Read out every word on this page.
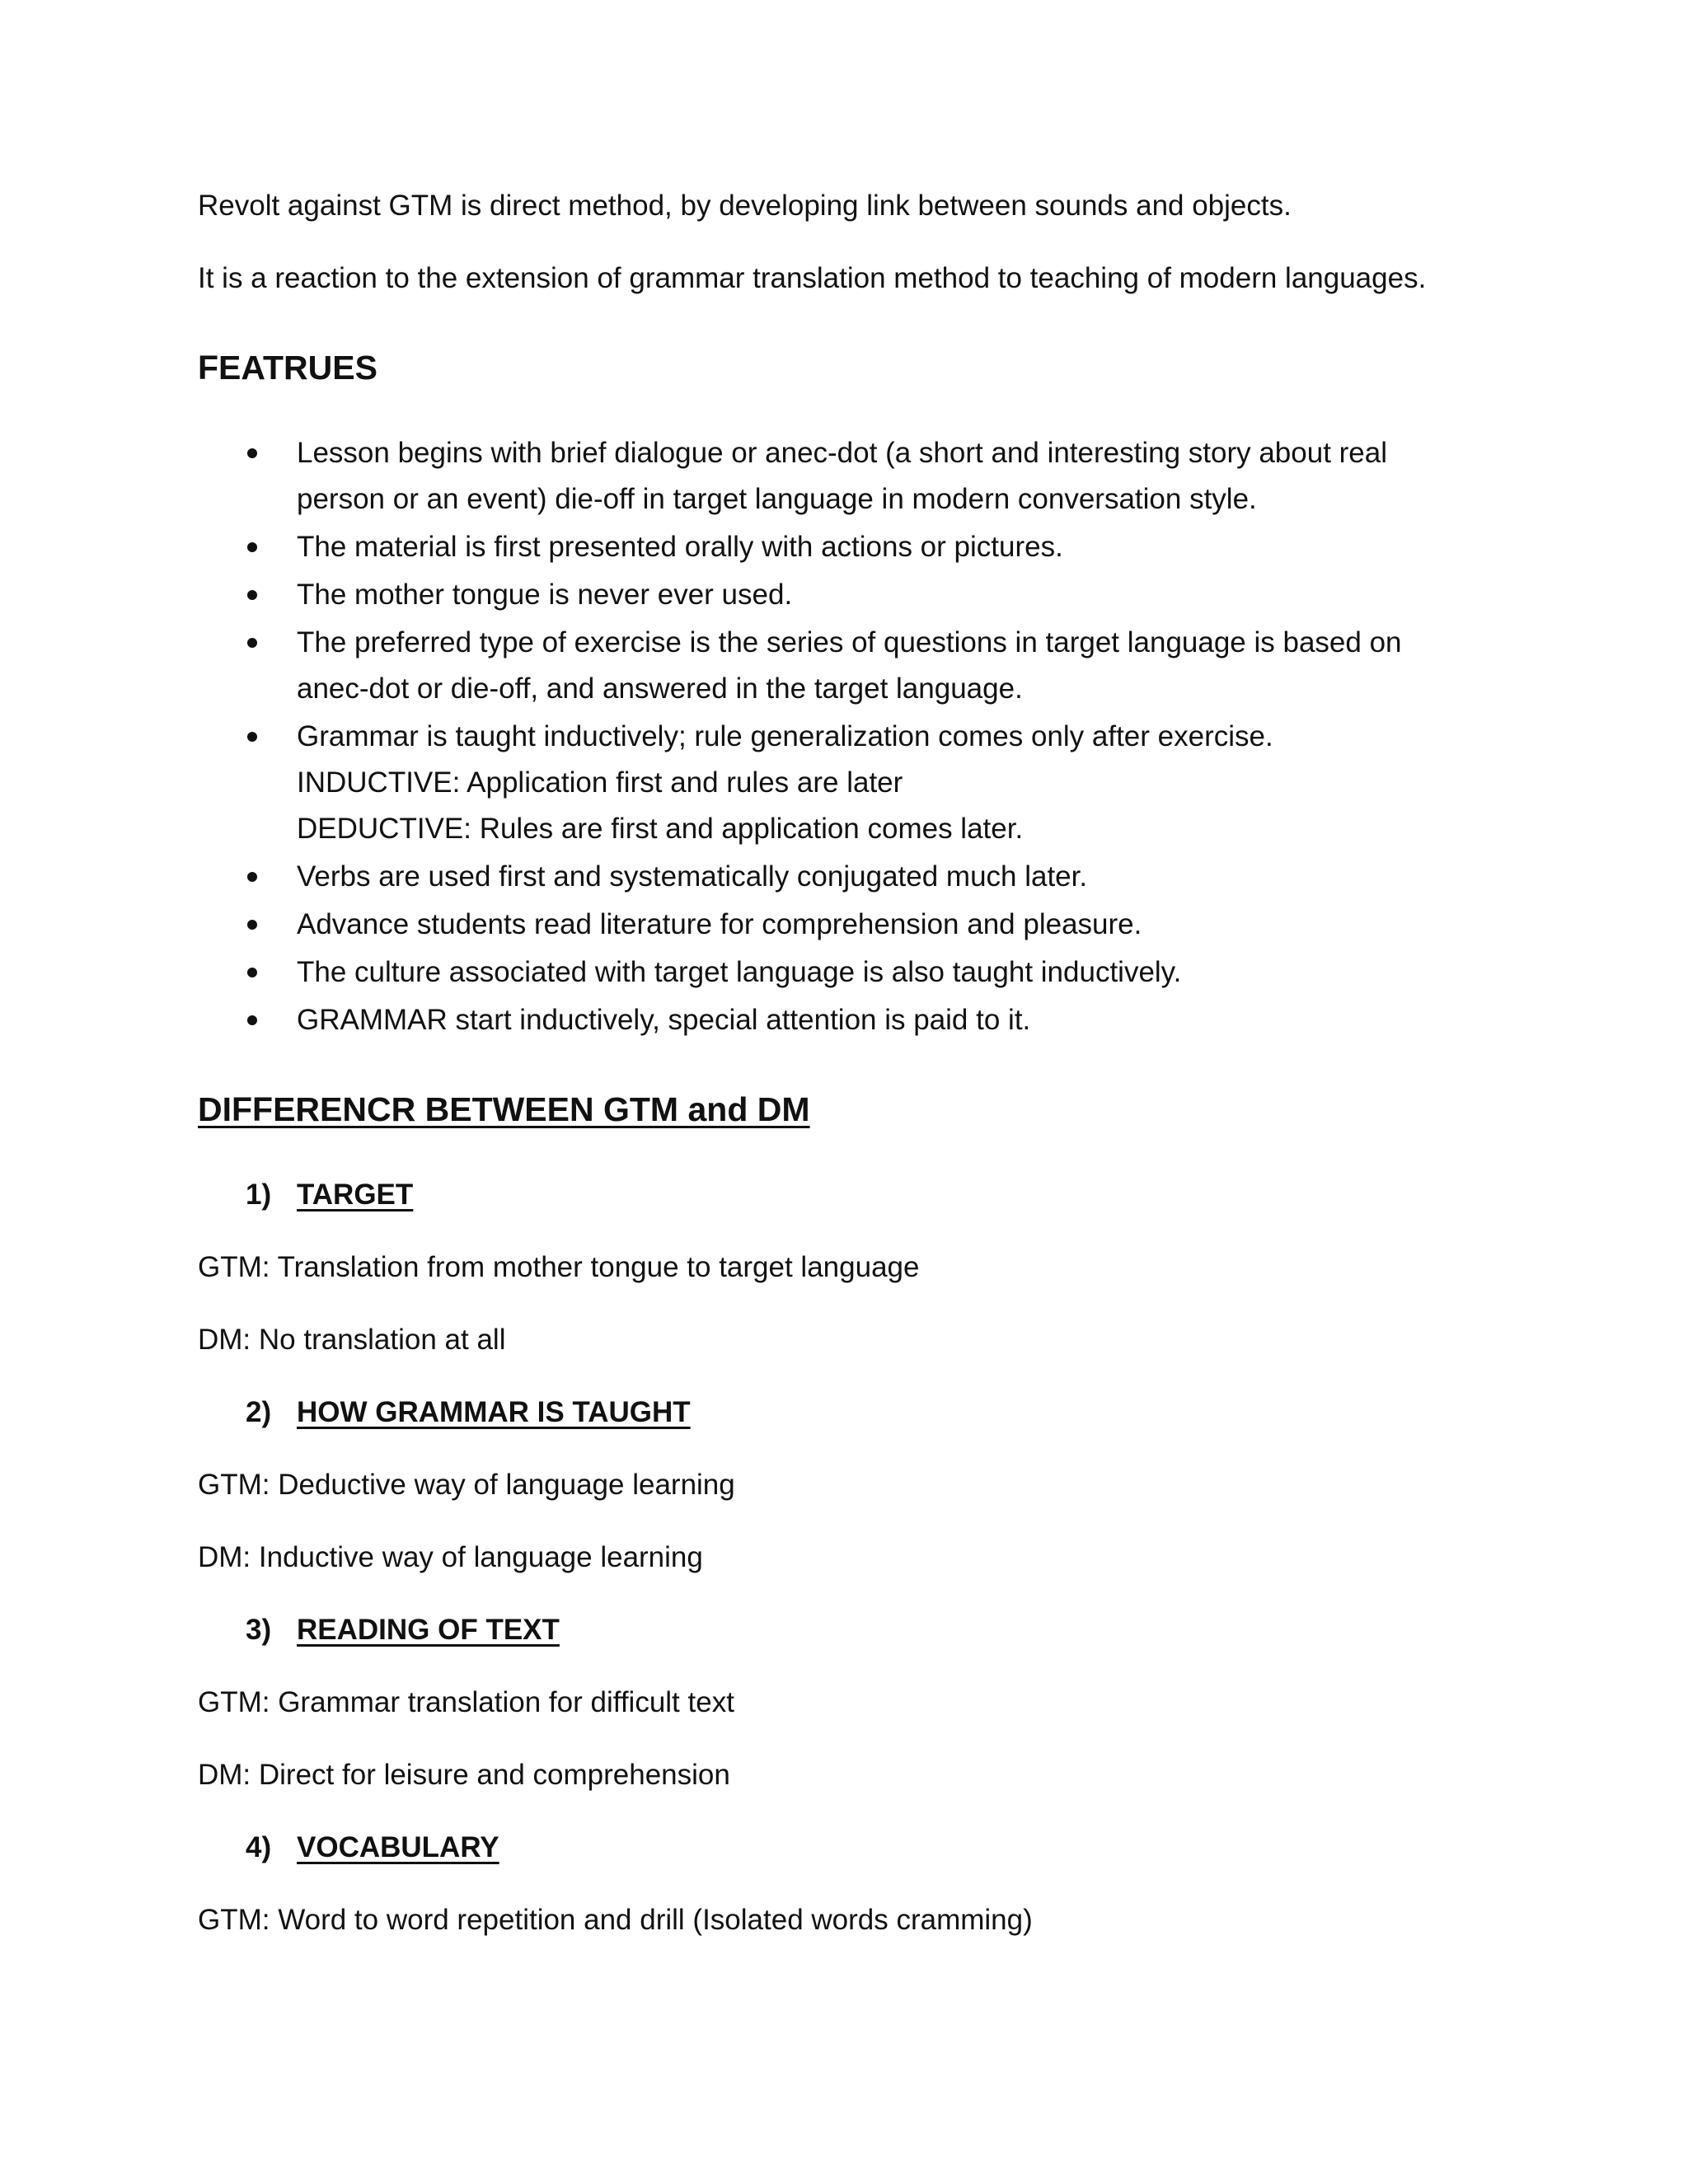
Revolt against GTM is direct method, by developing link between sounds and objects.

It is a reaction to the extension of grammar translation method to teaching of modern languages.

FEATRUES
Lesson begins with brief dialogue or anec-dot (a short and interesting story about real person or an event) die-off in target language in modern conversation style.
The material is first presented orally with actions or pictures.
The mother tongue is never ever used.
The preferred type of exercise is the series of questions in target language is based on anec-dot or die-off, and answered in the target language.
Grammar is taught inductively; rule generalization comes only after exercise.
INDUCTIVE: Application first and rules are later
DEDUCTIVE: Rules are first and application comes later.
Verbs are used first and systematically conjugated much later.
Advance students read literature for comprehension and pleasure.
The culture associated with target language is also taught inductively.
GRAMMAR start inductively, special attention is paid to it.
DIFFERENCR BETWEEN GTM and DM
1) TARGET

GTM: Translation from mother tongue to target language

DM: No translation at all

2) HOW GRAMMAR IS TAUGHT

GTM: Deductive way of language learning

DM: Inductive way of language learning

3) READING OF TEXT

GTM: Grammar translation for difficult text

DM: Direct for leisure and comprehension

4) VOCABULARY

GTM: Word to word repetition and drill (Isolated words cramming)
